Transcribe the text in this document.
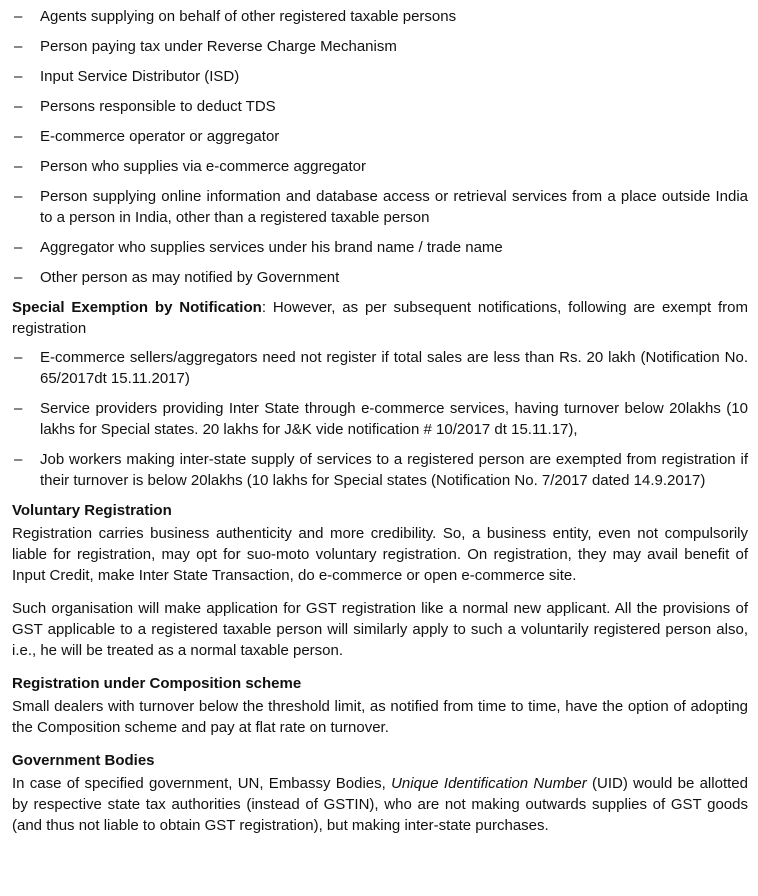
– Agents supplying on behalf of other registered taxable persons
– Person paying tax under Reverse Charge Mechanism
– Input Service Distributor (ISD)
– Persons responsible to deduct TDS
– E-commerce operator or aggregator
– Person who supplies via e-commerce aggregator
– Person supplying online information and database access or retrieval services from a place outside India to a person in India, other than a registered taxable person
– Aggregator who supplies services under his brand name / trade name
– Other person as may notified by Government

Special Exemption by Notification: However, as per subsequent notifications, following are exempt from registration

– E-commerce sellers/aggregators need not register if total sales are less than Rs. 20 lakh (Notification No. 65/2017dt 15.11.2017)
– Service providers providing Inter State through e-commerce services, having turnover below 20lakhs (10 lakhs for Special states. 20 lakhs for J&K vide notification # 10/2017 dt 15.11.17),
– Job workers making inter-state supply of services to a registered person are exempted from registration if their turnover is below 20lakhs (10 lakhs for Special states (Notification No. 7/2017 dated 14.9.2017)
Voluntary Registration

Registration carries business authenticity and more credibility. So, a business entity, even not compulsorily liable for registration, may opt for suo-moto voluntary registration. On registration, they may avail benefit of Input Credit, make Inter State Transaction, do e-commerce or open e-commerce site.

Such organisation will make application for GST registration like a normal new applicant. All the provisions of GST applicable to a registered taxable person will similarly apply to such a voluntarily registered person also, i.e., he will be treated as a normal taxable person.

Registration under Composition scheme

Small dealers with turnover below the threshold limit, as notified from time to time, have the option of adopting the Composition scheme and pay at flat rate on turnover.

Government Bodies

In case of specified government, UN, Embassy Bodies, Unique Identification Number (UID) would be allotted by respective state tax authorities (instead of GSTIN), who are not making outwards supplies of GST goods (and thus not liable to obtain GST registration), but making inter-state purchases.
